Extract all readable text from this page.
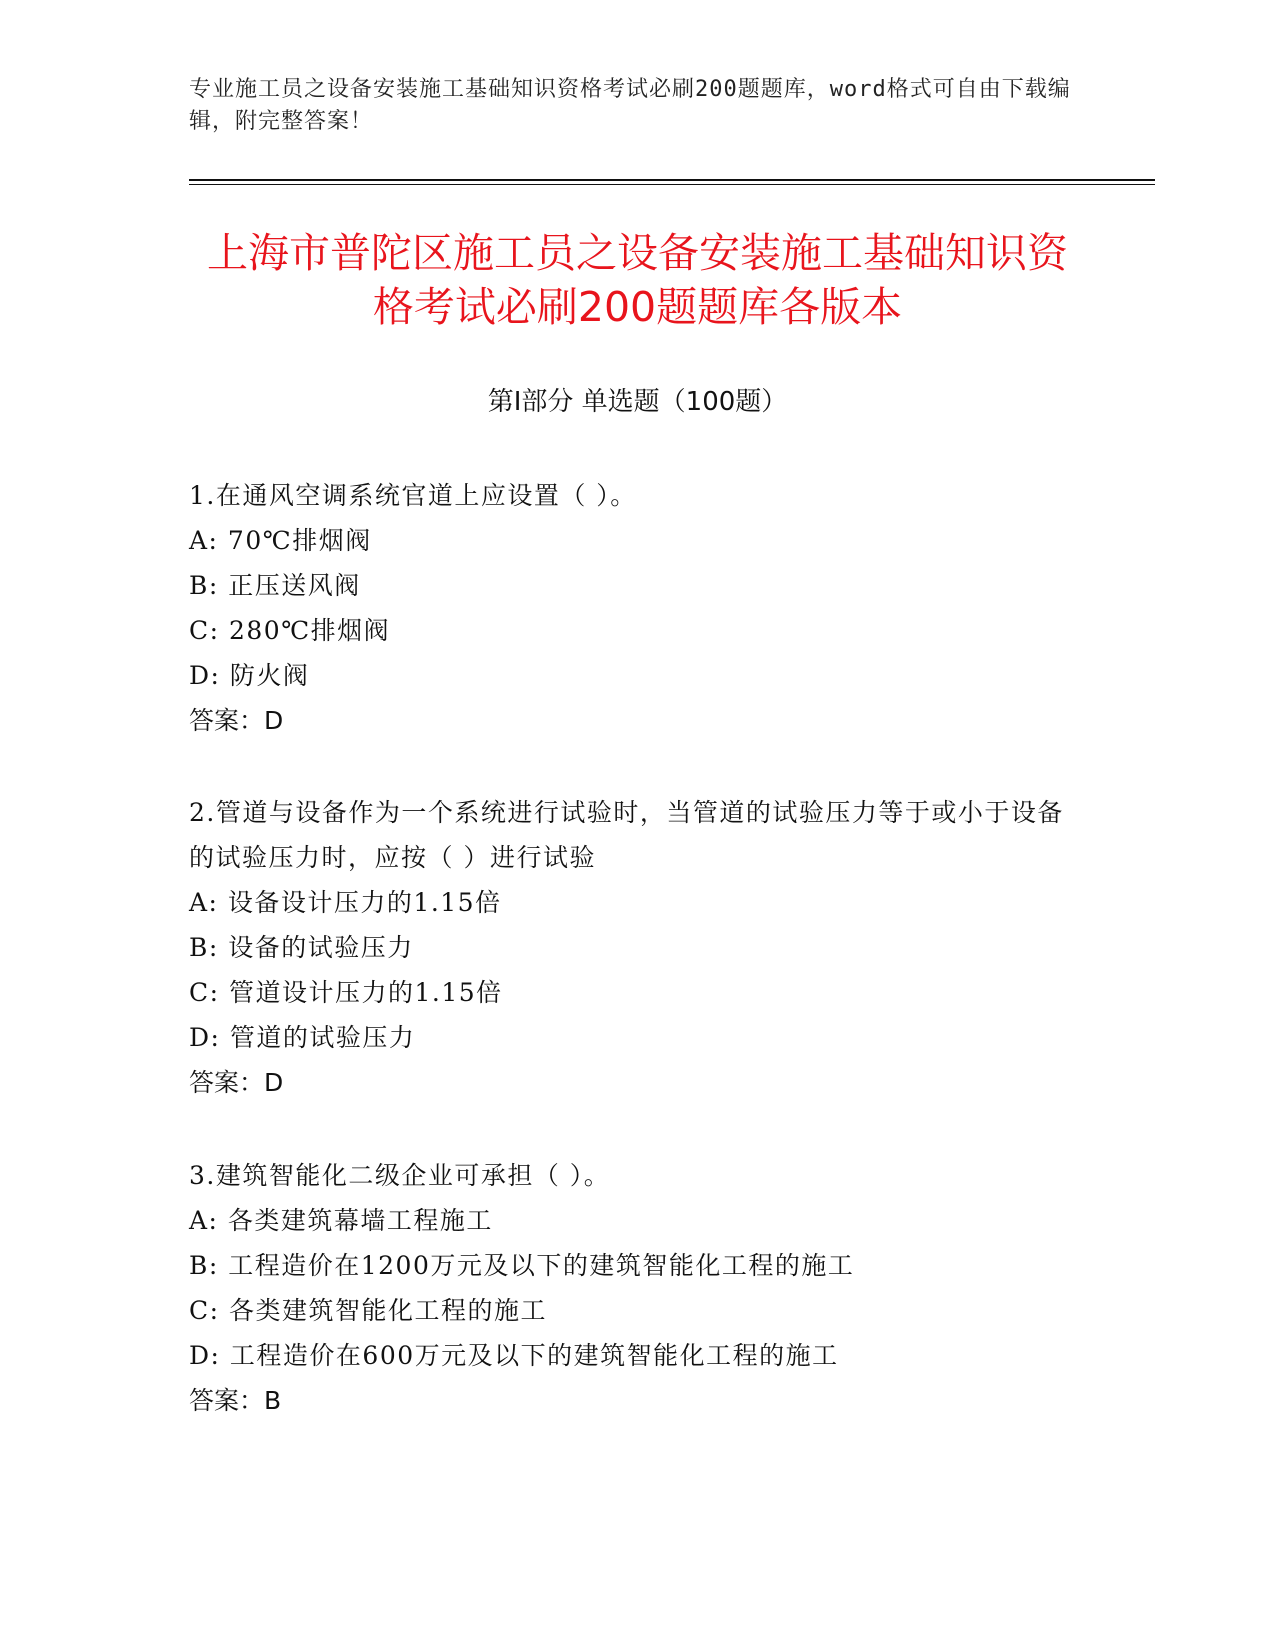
专业施工员之设备安装施工基础知识资格考试必刷200题题库，word格式可自由下载编辑，附完整答案！
上海市普陀区施工员之设备安装施工基础知识资格考试必刷200题题库各版本
第Ⅰ部分 单选题（100题）

1.在通风空调系统官道上应设置（ ）。

A: 70℃排烟阀

B: 正压送风阀

C: 280℃排烟阀

D: 防火阀

答案：D

2.管道与设备作为一个系统进行试验时，当管道的试验压力等于或小于设备的试验压力时，应按（ ）进行试验

A: 设备设计压力的1.15倍

B: 设备的试验压力

C: 管道设计压力的1.15倍

D: 管道的试验压力

答案：D

3.建筑智能化二级企业可承担（ ）。

A: 各类建筑幕墙工程施工

B: 工程造价在1200万元及以下的建筑智能化工程的施工

C: 各类建筑智能化工程的施工

D: 工程造价在600万元及以下的建筑智能化工程的施工

答案：B
